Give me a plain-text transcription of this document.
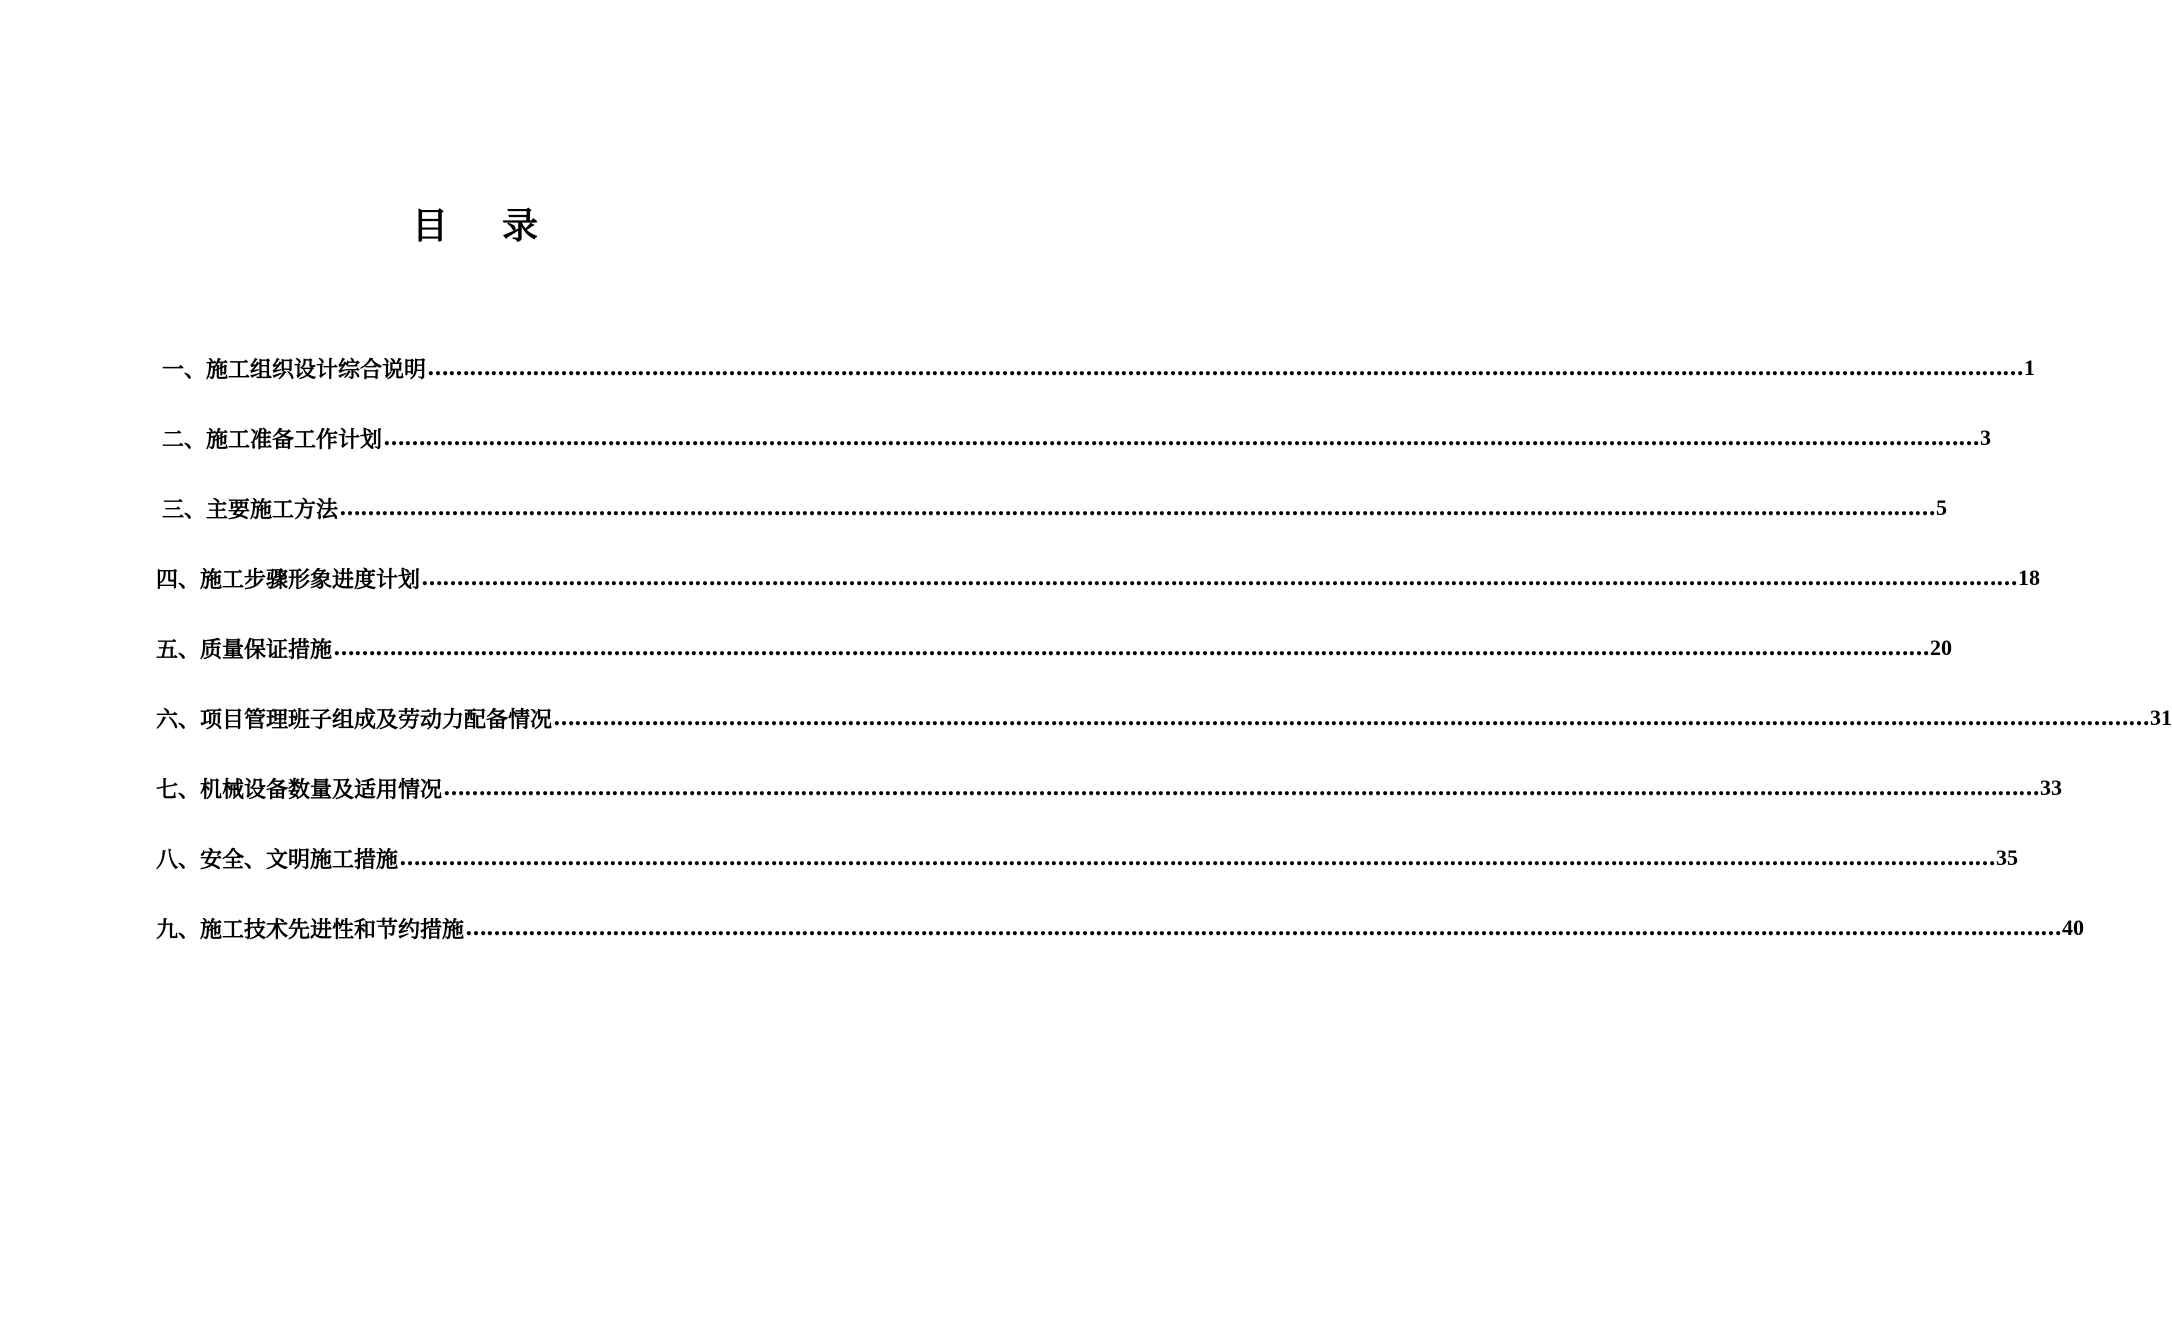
目 录
一、施工组织设计综合说明 ………………………………………………………………………………………………………………………………………………………………………………………………………… 1
二、施工准备工作计划 ………………………………………………………………………………………………………………………………………………………………………………………………………… 3
三、主要施工方法 ………………………………………………………………………………………………………………………………………………………………………………………………………… 5
四、施工步骤形象进度计划 ………………………………………………………………………………………………………………………………………………………………………………………………………… 18
五、质量保证措施 ………………………………………………………………………………………………………………………………………………………………………………………………………… 20
六、项目管理班子组成及劳动力配备情况 ………………………………………………………………………………………………………………………………………………………………………………………………………… 31
七、机械设备数量及适用情况 ………………………………………………………………………………………………………………………………………………………………………………………………………… 33
八、安全、文明施工措施 ………………………………………………………………………………………………………………………………………………………………………………………………………… 35
九、施工技术先进性和节约措施 ………………………………………………………………………………………………………………………………………………………………………………………………………… 40
